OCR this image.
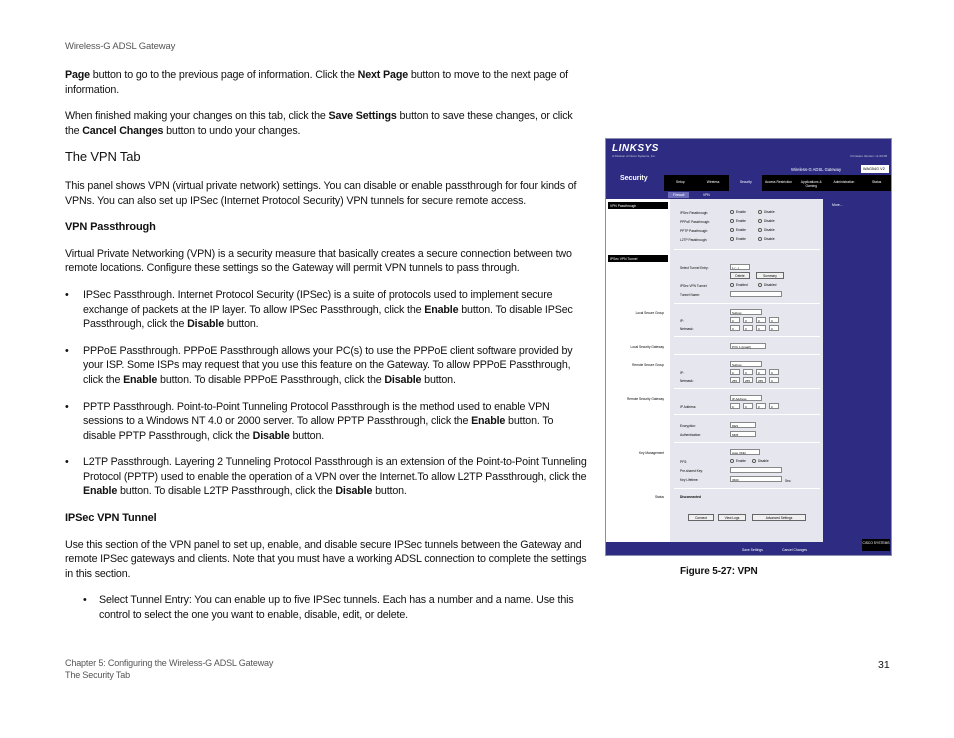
Wireless-G ADSL Gateway

Page button to go to the previous page of information. Click the Next Page button to move to the next page of information.

When finished making your changes on this tab, click the Save Settings button to save these changes, or click the Cancel Changes button to undo your changes.

The VPN Tab

This panel shows VPN (virtual private network) settings. You can disable or enable passthrough for four kinds of VPNs. You can also set up IPSec (Internet Protocol Security) VPN tunnels for secure remote access.

VPN Passthrough

Virtual Private Networking (VPN) is a security measure that basically creates a secure connection between two remote locations. Configure these settings so the Gateway will permit VPN tunnels to pass through.

• IPSec Passthrough. Internet Protocol Security (IPSec) is a suite of protocols used to implement secure exchange of packets at the IP layer. To allow IPSec Passthrough, click the Enable button. To disable IPSec Passthrough, click the Disable button.
• PPPoE Passthrough. PPPoE Passthrough allows your PC(s) to use the PPPoE client software provided by your ISP. Some ISPs may request that you use this feature on the Gateway. To allow PPPoE Passthrough, click the Enable button. To disable PPPoE Passthrough, click the Disable button.
• PPTP Passthrough. Point-to-Point Tunneling Protocol Passthrough is the method used to enable VPN sessions to a Windows NT 4.0 or 2000 server. To allow PPTP Passthrough, click the Enable button. To disable PPTP Passthrough, click the Disable button.
• L2TP Passthrough. Layering 2 Tunneling Protocol Passthrough is an extension of the Point-to-Point Tunneling Protocol (PPTP) used to enable the operation of a VPN over the Internet.To allow L2TP Passthrough, click the Enable button. To disable L2TP Passthrough, click the Disable button.
IPSec VPN Tunnel

Use this section of the VPN panel to set up, enable, and disable secure IPSec tunnels between the Gateway and remote IPSec gateways and clients. Note that you must have a working ADSL connection to complete the settings in this section.

• Select Tunnel Entry: You can enable up to five IPSec tunnels. Each has a number and a name. Use this control to select the one you want to enable, disable, edit, or delete.
LINKSYS
A Division of Cisco Systems, Inc.	Firmware Version: v1.00.08
Security
Wireless-G ADSL Gateway	WAG54G V2
Setup	Wireless	Security	Access Restriction	Applications & Gaming
Administration	Status
Firewall	VPN
More...
VPN Passthrough
IPSec VPN Tunnel
IPSec Passthrough:	Enable	Disable
PPPoE Passthrough:	Enable	Disable
PPTP Passthrough:	Enable	Disable
L2TP Passthrough:	Enable	Disable
Select Tunnel Entry:	1 ( - )
Delete	Summary
IPSec VPN Tunnel:	Enabled	Disabled
Tunnel Name:
Local Secure Group	Subnet
IP:	0	0	0	0
Netmask:	0	0	0	0
Local Security Gateway	PVC 1 (ipoa0)
Remote Secure Group	Subnet
IP:	0	0	0	0
Netmask:	255	255	255	0
Remote Security Gateway	IP Address
IP Address:	0	0	0	0
Encryption:	DES
Authentication:	MD5
Key Management	Auto (IKE)
PFS:	Enable	Disable
Pre-shared Key:
Key Lifetime:	3600	Sec.
Status	Disconnected
Connect	View Logs	Advanced Settings
Save Settings	Cancel Changes
CISCO SYSTEMS
Figure 5-27: VPN
Chapter 5: Configuring the Wireless-G ADSL Gateway
The Security Tab
31
